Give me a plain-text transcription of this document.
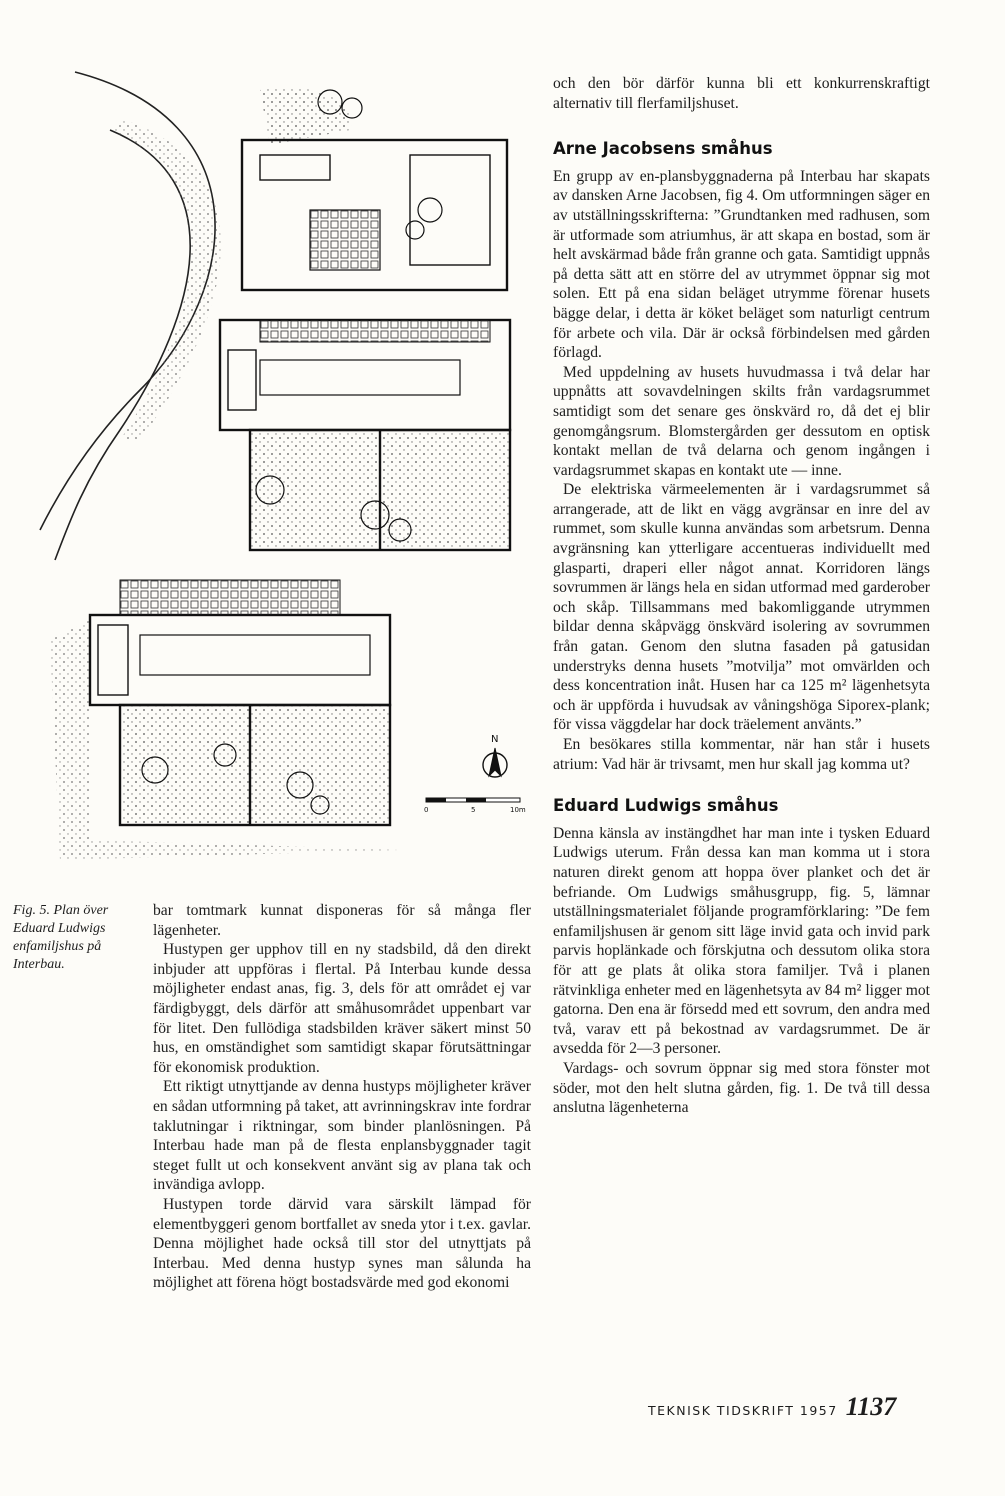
N
0	5	10m
Fig. 5. Plan över Eduard Ludwigs enfamiljshus på Interbau.

och den bör därför kunna bli ett konkurrenskraftigt alternativ till flerfamiljshuset.

Arne Jacobsens småhus

En grupp av en-plansbyggnaderna på Interbau har skapats av dansken Arne Jacobsen, fig 4. Om utformningen säger en av utställningsskrifterna: ”Grundtanken med radhusen, som är utformade som atriumhus, är att skapa en bostad, som är helt avskärmad både från granne och gata. Samtidigt uppnås på detta sätt att en större del av utrymmet öppnar sig mot solen. Ett på ena sidan beläget utrymme förenar husets bägge delar, i detta är köket beläget som naturligt centrum för arbete och vila. Där är också förbindelsen med gården förlagd.

Med uppdelning av husets huvudmassa i två delar har uppnåtts att sovavdelningen skilts från vardagsrummet samtidigt som det senare ges önskvärd ro, då det ej blir genomgångsrum. Blomstergården ger dessutom en optisk kontakt mellan de två delarna och genom ingången i vardagsrummet skapas en kontakt ute — inne.

De elektriska värmeelementen är i vardagsrummet så arrangerade, att de likt en vägg avgränsar en inre del av rummet, som skulle kunna användas som arbetsrum. Denna avgränsning kan ytterligare accentueras individuellt med glasparti, draperi eller något annat. Korridoren längs sovrummen är längs hela en sidan utformad med garderober och skåp. Tillsammans med bakomliggande utrymmen bildar denna skåpvägg önskvärd isolering av sovrummen från gatan. Genom den slutna fasaden på gatusidan understryks denna husets ”motvilja” mot omvärlden och dess koncentration inåt. Husen har ca 125 m² lägenhetsyta och är uppförda i huvudsak av våningshöga Siporex-plank; för vissa väggdelar har dock träelement använts.”

En besökares stilla kommentar, när han står i husets atrium: Vad här är trivsamt, men hur skall jag komma ut?

Eduard Ludwigs småhus

Denna känsla av instängdhet har man inte i tysken Eduard Ludwigs uterum. Från dessa kan man komma ut i stora naturen direkt genom att hoppa över planket och det är befriande. Om Ludwigs småhusgrupp, fig. 5, lämnar utställningsmaterialet följande programförklaring: ”De fem enfamiljshusen är genom sitt läge invid gata och invid park parvis hoplänkade och förskjutna och dessutom olika stora för att ge plats åt olika stora familjer. Två i planen rätvinkliga enheter med en lägenhetsyta av 84 m² ligger mot gatorna. Den ena är försedd med ett sovrum, den andra med två, varav ett på bekostnad av vardagsrummet. De är avsedda för 2—3 personer.

Vardags- och sovrum öppnar sig med stora fönster mot söder, mot den helt slutna gården, fig. 1. De två till dessa anslutna lägenheterna

bar tomtmark kunnat disponeras för så många fler lägenheter.

Hustypen ger upphov till en ny stadsbild, då den direkt inbjuder att uppföras i flertal. På Interbau kunde dessa möjligheter endast anas, fig. 3, dels för att området ej var färdigbyggt, dels därför att småhusområdet uppenbart var för litet. Den fullödiga stadsbilden kräver säkert minst 50 hus, en omständighet som samtidigt skapar förutsättningar för ekonomisk produktion.

Ett riktigt utnyttjande av denna hustyps möjligheter kräver en sådan utformning på taket, att avrinningskrav inte fordrar taklutningar i riktningar, som binder planlösningen. På Interbau hade man på de flesta enplansbyggnader tagit steget fullt ut och konsekvent använt sig av plana tak och invändiga avlopp.

Hustypen torde därvid vara särskilt lämpad för elementbyggeri genom bortfallet av sneda ytor i t.ex. gavlar. Denna möjlighet hade också till stor del utnyttjats på Interbau. Med denna hustyp synes man sålunda ha möjlighet att förena högt bostadsvärde med god ekonomi

TEKNISK TIDSKRIFT 1957 1137
